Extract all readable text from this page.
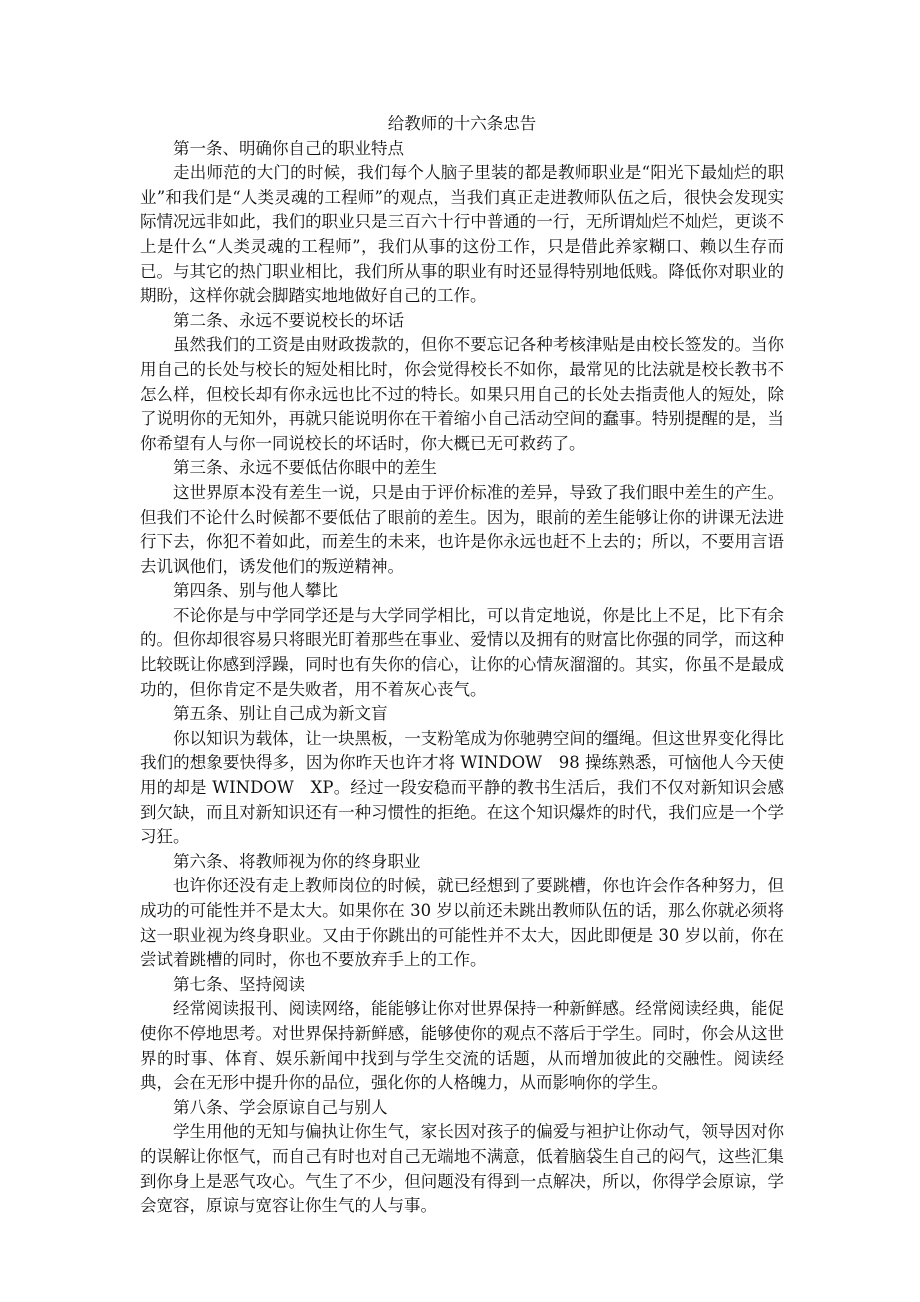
给教师的十六条忠告

第一条、明确你自己的职业特点

走出师范的大门的时候，我们每个人脑子里装的都是教师职业是“阳光下最灿烂的职业”和我们是“人类灵魂的工程师”的观点，当我们真正走进教师队伍之后，很快会发现实际情况远非如此，我们的职业只是三百六十行中普通的一行，无所谓灿烂不灿烂，更谈不上是什么“人类灵魂的工程师”，我们从事的这份工作，只是借此养家糊口、赖以生存而已。与其它的热门职业相比，我们所从事的职业有时还显得特别地低贱。降低你对职业的期盼，这样你就会脚踏实地地做好自己的工作。

第二条、永远不要说校长的坏话

虽然我们的工资是由财政拨款的，但你不要忘记各种考核津贴是由校长签发的。当你用自己的长处与校长的短处相比时，你会觉得校长不如你，最常见的比法就是校长教书不怎么样，但校长却有你永远也比不过的特长。如果只用自己的长处去指责他人的短处，除了说明你的无知外，再就只能说明你在干着缩小自己活动空间的蠢事。特别提醒的是，当你希望有人与你一同说校长的坏话时，你大概已无可救药了。

第三条、永远不要低估你眼中的差生

这世界原本没有差生一说，只是由于评价标准的差异，导致了我们眼中差生的产生。但我们不论什么时候都不要低估了眼前的差生。因为，眼前的差生能够让你的讲课无法进行下去，你犯不着如此，而差生的未来，也许是你永远也赶不上去的；所以，不要用言语去讥讽他们，诱发他们的叛逆精神。

第四条、别与他人攀比

不论你是与中学同学还是与大学同学相比，可以肯定地说，你是比上不足，比下有余的。但你却很容易只将眼光盯着那些在事业、爱情以及拥有的财富比你强的同学，而这种比较既让你感到浮躁，同时也有失你的信心，让你的心情灰溜溜的。其实，你虽不是最成功的，但你肯定不是失败者，用不着灰心丧气。

第五条、别让自己成为新文盲

你以知识为载体，让一块黑板，一支粉笔成为你驰骋空间的缰绳。但这世界变化得比我们的想象要快得多，因为你昨天也许才将 WINDOW　98 操练熟悉，可恼他人今天使用的却是 WINDOW　XP。经过一段安稳而平静的教书生活后，我们不仅对新知识会感到欠缺，而且对新知识还有一种习惯性的拒绝。在这个知识爆炸的时代，我们应是一个学习狂。

第六条、将教师视为你的终身职业

也许你还没有走上教师岗位的时候，就已经想到了要跳槽，你也许会作各种努力，但成功的可能性并不是太大。如果你在 30 岁以前还未跳出教师队伍的话，那么你就必须将这一职业视为终身职业。又由于你跳出的可能性并不太大，因此即便是 30 岁以前，你在尝试着跳槽的同时，你也不要放弃手上的工作。

第七条、坚持阅读

经常阅读报刊、阅读网络，能能够让你对世界保持一种新鲜感。经常阅读经典，能促使你不停地思考。对世界保持新鲜感，能够使你的观点不落后于学生。同时，你会从这世界的时事、体育、娱乐新闻中找到与学生交流的话题，从而增加彼此的交融性。阅读经典，会在无形中提升你的品位，强化你的人格魄力，从而影响你的学生。

第八条、学会原谅自己与别人

学生用他的无知与偏执让你生气，家长因对孩子的偏爱与袒护让你动气，领导因对你的误解让你怄气，而自己有时也对自己无端地不满意，低着脑袋生自己的闷气，这些汇集到你身上是恶气攻心。气生了不少，但问题没有得到一点解决，所以，你得学会原谅，学会宽容，原谅与宽容让你生气的人与事。
